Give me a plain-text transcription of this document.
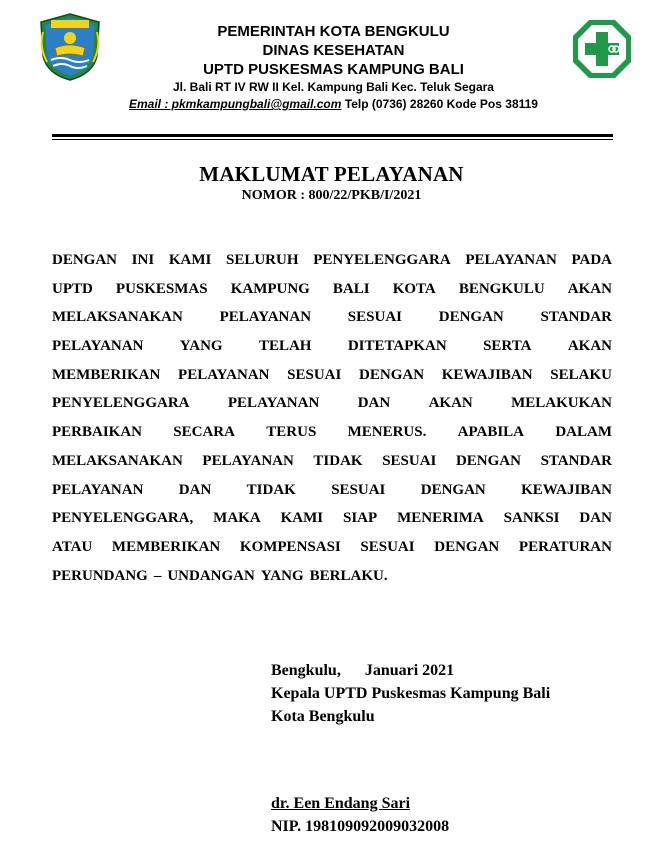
PEMERINTAH KOTA BENGKULU
DINAS KESEHATAN
UPTD PUSKESMAS KAMPUNG BALI
Jl. Bali RT IV RW II Kel. Kampung Bali Kec. Teluk Segara
Email : pkmkampungbali@gmail.com Telp (0736) 28260 Kode Pos 38119
MAKLUMAT PELAYANAN
NOMOR : 800/22/PKB/I/2021
DENGAN INI KAMI SELURUH PENYELENGGARA PELAYANAN PADA
UPTD PUSKESMAS KAMPUNG BALI KOTA BENGKULU AKAN
MELAKSANAKAN PELAYANAN SESUAI DENGAN STANDAR
PELAYANAN YANG TELAH DITETAPKAN SERTA AKAN
MEMBERIKAN PELAYANAN SESUAI DENGAN KEWAJIBAN SELAKU
PENYELENGGARA	PELAYANAN	DAN	AKAN	MELAKUKAN
PERBAIKAN SECARA TERUS MENERUS. APABILA DALAM
MELAKSANAKAN PELAYANAN TIDAK SESUAI DENGAN STANDAR
PELAYANAN DAN TIDAK SESUAI DENGAN KEWAJIBAN
PENYELENGGARA, MAKA KAMI SIAP MENERIMA SANKSI DAN
ATAU MEMBERIKAN KOMPENSASI SESUAI DENGAN PERATURAN
PERUNDANG – UNDANGAN YANG BERLAKU.
Bengkulu, Januari 2021
Kepala UPTD Puskesmas Kampung Bali
Kota Bengkulu
dr. Een Endang Sari
NIP. 198109092009032008
